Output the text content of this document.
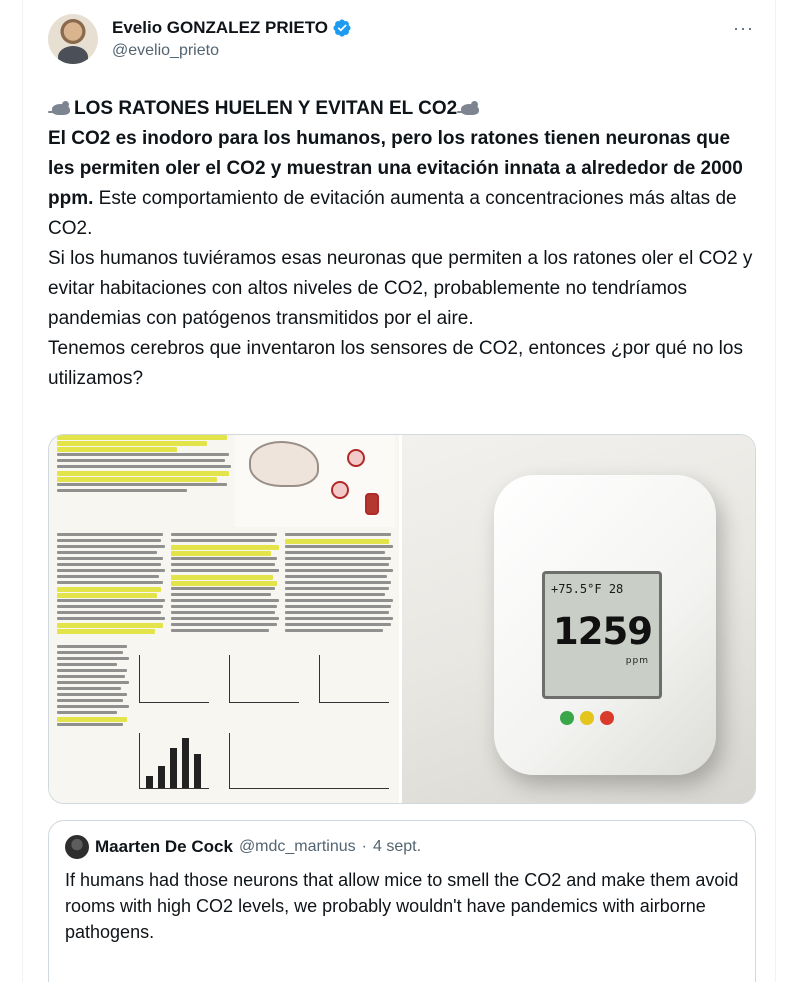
Evelio GONZALEZ PRIETO
@evelio_prieto
···

LOS RATONES HUELEN Y EVITAN EL CO2

El CO2 es inodoro para los humanos, pero los ratones tienen neuronas que les permiten oler el CO2 y muestran una evitación innata a alrededor de 2000 ppm. Este comportamiento de evitación aumenta a concentraciones más altas de CO2.

Si los humanos tuviéramos esas neuronas que permiten a los ratones oler el CO2 y evitar habitaciones con altos niveles de CO2, probablemente no tendríamos pandemias con patógenos transmitidos por el aire.

Tenemos cerebros que inventaron los sensores de CO2, entonces ¿por qué no los utilizamos?

+75.5°F 28
1259
ppm
Maarten De Cock @mdc_martinus · 4 sept.
If humans had those neurons that allow mice to smell the CO2 and make them avoid rooms with high CO2 levels, we probably wouldn't have pandemics with airborne pathogens.
